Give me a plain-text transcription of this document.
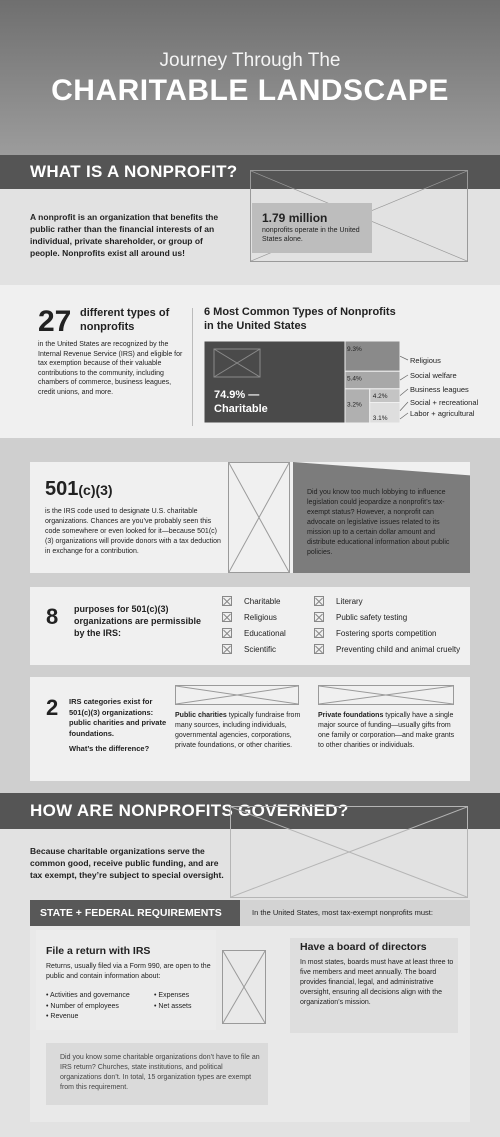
Journey Through The
CHARITABLE LANDSCAPE
WHAT IS A NONPROFIT?
A nonprofit is an organization that benefits the public rather than the financial interests of an individual, private shareholder, or group of people. Nonprofits exist all around us!
1.79 million
nonprofits operate in the United States alone.
27 different types of nonprofits
in the United States are recognized by the Internal Revenue Service (IRS) and eligible for tax exemption because of their valuable contributions to the community, including chambers of commerce, business leagues, credit unions, and more.
6 Most Common Types of Nonprofits in the United States
74.9% —
Charitable
9.3%
5.4%
4.2%
3.2%
3.1%
Religious
Social welfare
Business leagues
Social + recreational
Labor + agricultural
501(c)(3)
is the IRS code used to designate U.S. charitable organizations. Chances are you’ve probably seen this code somewhere or even looked for it—because 501(c)(3) organizations will provide donors with a tax deduction in exchange for a contribution.
Did you know too much lobbying to influence legislation could jeopardize a nonprofit’s tax-exempt status? However, a nonprofit can advocate on legislative issues related to its mission up to a certain dollar amount and distribute educational information about public policies.
8 purposes for 501(c)(3) organizations are permissible by the IRS:
Charitable
Religious
Educational
Scientific
Literary
Public safety testing
Fostering sports competition
Preventing child and animal cruelty
2 IRS categories exist for 501(c)(3) organizations: public charities and private foundations.
What’s the difference?
Public charities typically fundraise from many sources, including individuals, governmental agencies, corporations, private foundations, or other charities.
Private foundations typically have a single major source of funding—usually gifts from one family or corporation—and make grants to other charities or individuals.
HOW ARE NONPROFITS GOVERNED?
Because charitable organizations serve the common good, receive public funding, and are tax exempt, they’re subject to special oversight.
STATE + FEDERAL REQUIREMENTS	In the United States, most tax-exempt nonprofits must:
File a return with IRS
Returns, usually filed via a Form 990, are open to the public and contain information about:
• Activities and governance
• Number of employees
• Revenue
• Expenses
• Net assets
Have a board of directors
In most states, boards must have at least three to five members and meet annually. The board provides financial, legal, and administrative oversight, ensuring all decisions align with the organization’s mission.
Did you know some charitable organizations don’t have to file an IRS return? Churches, state institutions, and political organizations don’t. In total, 15 organization types are exempt from this requirement.
